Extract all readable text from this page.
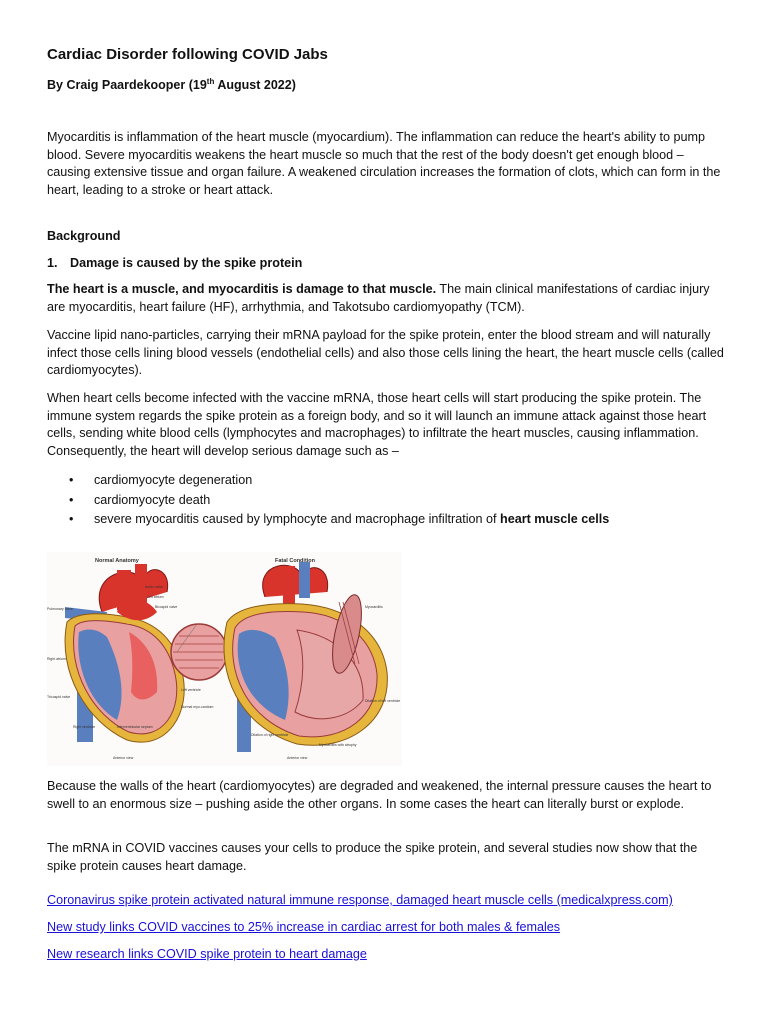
Cardiac Disorder following COVID Jabs
By Craig Paardekooper (19th August 2022)

Myocarditis is inflammation of the heart muscle (myocardium). The inflammation can reduce the heart's ability to pump blood. Severe myocarditis weakens the heart muscle so much that the rest of the body doesn't get enough blood – causing extensive tissue and organ failure. A weakened circulation increases the formation of clots, which can form in the heart, leading to a stroke or heart attack.

Background
1. Damage is caused by the spike protein

The heart is a muscle, and myocarditis is damage to that muscle. The main clinical manifestations of cardiac injury are myocarditis, heart failure (HF), arrhythmia, and Takotsubo cardiomyopathy (TCM).

Vaccine lipid nano-particles, carrying their mRNA payload for the spike protein, enter the blood stream and will naturally infect those cells lining blood vessels (endothelial cells) and also those cells lining the heart, the heart muscle cells (called cardiomyocytes).

When heart cells become infected with the vaccine mRNA, those heart cells will start producing the spike protein. The immune system regards the spike protein as a foreign body, and so it will launch an immune attack against those heart cells, sending white blood cells (lymphocytes and macrophages) to infiltrate the heart muscles, causing inflammation. Consequently, the heart will develop serious damage such as –

• cardiomyocyte degeneration
• cardiomyocyte death
• severe myocarditis caused by lymphocyte and macrophage infiltration of heart muscle cells
Normal Anatomy	Fatal Condition
Aortic valve
Left atrium
Bicuspid valve
Pulmonary valve
Right atrium
Tricuspid valve
Right ventricle	Interventricular septum
Left ventricle
Normal myo-cardium
Anterior view
Myocarditis
Dilation of left ventricle
Dilation of right ventricle
Myocarditis with atrophy
Anterior view

Because the walls of the heart (cardiomyocytes) are degraded and weakened, the internal pressure causes the heart to swell to an enormous size – pushing aside the other organs. In some cases the heart can literally burst or explode.

The mRNA in COVID vaccines causes your cells to produce the spike protein, and several studies now show that the spike protein causes heart damage.

Coronavirus spike protein activated natural immune response, damaged heart muscle cells (medicalxpress.com)
New study links COVID vaccines to 25% increase in cardiac arrest for both males & females
New research links COVID spike protein to heart damage
